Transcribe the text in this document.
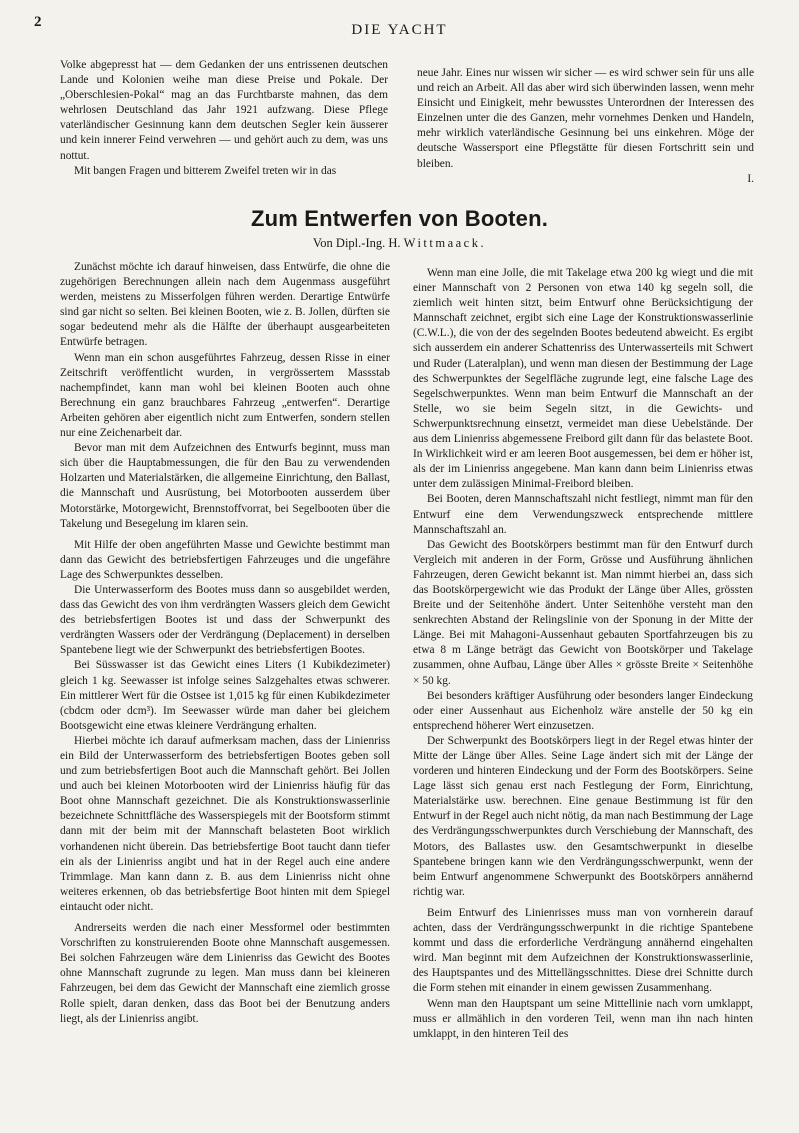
2	DIE YACHT

Volke abgepresst hat — dem Gedanken der uns entrissenen deutschen Lande und Kolonien weihe man diese Preise und Pokale. Der „Oberschlesien-Pokal“ mag an das Furchtbarste mahnen, das dem wehrlosen Deutschland das Jahr 1921 aufzwang. Diese Pflege vaterländischer Gesinnung kann dem deutschen Segler kein äusserer und kein innerer Feind verwehren — und gehört auch zu dem, was uns nottut.

Mit bangen Fragen und bitterem Zweifel treten wir in das

neue Jahr. Eines nur wissen wir sicher — es wird schwer sein für uns alle und reich an Arbeit. All das aber wird sich überwinden lassen, wenn mehr Einsicht und Einigkeit, mehr bewusstes Unterordnen der Interessen des Einzelnen unter die des Ganzen, mehr vornehmes Denken und Handeln, mehr wirklich vaterländische Gesinnung bei uns einkehren. Möge der deutsche Wassersport eine Pflegstätte für diesen Fortschritt sein und bleiben.

I.

Zum Entwerfen von Booten.
Von Dipl.-Ing. H. Wittmaack.

Zunächst möchte ich darauf hinweisen, dass Entwürfe, die ohne die zugehörigen Berechnungen allein nach dem Augenmass ausgeführt werden, meistens zu Misserfolgen führen werden. Derartige Entwürfe sind gar nicht so selten. Bei kleinen Booten, wie z. B. Jollen, dürften sie sogar bedeutend mehr als die Hälfte der überhaupt ausgearbeiteten Entwürfe betragen.

Wenn man ein schon ausgeführtes Fahrzeug, dessen Risse in einer Zeitschrift veröffentlicht wurden, in vergrössertem Massstab nachempfindet, kann man wohl bei kleinen Booten auch ohne Berechnung ein ganz brauchbares Fahrzeug „entwerfen“. Derartige Arbeiten gehören aber eigentlich nicht zum Entwerfen, sondern stellen nur eine Zeichenarbeit dar.

Bevor man mit dem Aufzeichnen des Entwurfs beginnt, muss man sich über die Hauptabmessungen, die für den Bau zu verwendenden Holzarten und Materialstärken, die allgemeine Einrichtung, den Ballast, die Mannschaft und Ausrüstung, bei Motorbooten ausserdem über Motorstärke, Motorgewicht, Brennstoffvorrat, bei Segelbooten über die Takelung und Besegelung im klaren sein.

Mit Hilfe der oben angeführten Masse und Gewichte bestimmt man dann das Gewicht des betriebsfertigen Fahrzeuges und die ungefähre Lage des Schwerpunktes desselben.

Die Unterwasserform des Bootes muss dann so ausgebildet werden, dass das Gewicht des von ihm verdrängten Wassers gleich dem Gewicht des betriebsfertigen Bootes ist und dass der Schwerpunkt des verdrängten Wassers oder der Verdrängung (Deplacement) in derselben Spantebene liegt wie der Schwerpunkt des betriebsfertigen Bootes.

Bei Süsswasser ist das Gewicht eines Liters (1 Kubikdezimeter) gleich 1 kg. Seewasser ist infolge seines Salzgehaltes etwas schwerer. Ein mittlerer Wert für die Ostsee ist 1,015 kg für einen Kubikdezimeter (cbdcm oder dcm³). Im Seewasser würde man daher bei gleichem Bootsgewicht eine etwas kleinere Verdrängung erhalten.

Hierbei möchte ich darauf aufmerksam machen, dass der Linienriss ein Bild der Unterwasserform des betriebsfertigen Bootes geben soll und zum betriebsfertigen Boot auch die Mannschaft gehört. Bei Jollen und auch bei kleinen Motorbooten wird der Linienriss häufig für das Boot ohne Mannschaft gezeichnet. Die als Konstruktionswasserlinie bezeichnete Schnittfläche des Wasserspiegels mit der Bootsform stimmt dann mit der beim mit der Mannschaft belasteten Boot wirklich vorhandenen nicht überein. Das betriebsfertige Boot taucht dann tiefer ein als der Linienriss angibt und hat in der Regel auch eine andere Trimmlage. Man kann dann z. B. aus dem Linienriss nicht ohne weiteres erkennen, ob das betriebsfertige Boot hinten mit dem Spiegel eintaucht oder nicht.

Andrerseits werden die nach einer Messformel oder bestimmten Vorschriften zu konstruierenden Boote ohne Mannschaft ausgemessen. Bei solchen Fahrzeugen wäre dem Linienriss das Gewicht des Bootes ohne Mannschaft zugrunde zu legen. Man muss dann bei kleineren Fahrzeugen, bei dem das Gewicht der Mannschaft eine ziemlich grosse Rolle spielt, daran denken, dass das Boot bei der Benutzung anders liegt, als der Linienriss angibt.

Wenn man eine Jolle, die mit Takelage etwa 200 kg wiegt und die mit einer Mannschaft von 2 Personen von etwa 140 kg segeln soll, die ziemlich weit hinten sitzt, beim Entwurf ohne Berücksichtigung der Mannschaft zeichnet, ergibt sich eine Lage der Konstruktionswasserlinie (C.W.L.), die von der des segelnden Bootes bedeutend abweicht. Es ergibt sich ausserdem ein anderer Schattenriss des Unterwasserteils mit Schwert und Ruder (Lateralplan), und wenn man diesen der Bestimmung der Lage des Schwerpunktes der Segelfläche zugrunde legt, eine falsche Lage des Segelschwerpunktes. Wenn man beim Entwurf die Mannschaft an der Stelle, wo sie beim Segeln sitzt, in die Gewichts- und Schwerpunktsrechnung einsetzt, vermeidet man diese Uebelstände. Der aus dem Linienriss abgemessene Freibord gilt dann für das belastete Boot. In Wirklichkeit wird er am leeren Boot ausgemessen, bei dem er höher ist, als der im Linienriss angegebene. Man kann dann beim Linienriss etwas unter dem zulässigen Minimal-Freibord bleiben.

Bei Booten, deren Mannschaftszahl nicht festliegt, nimmt man für den Entwurf eine dem Verwendungszweck entsprechende mittlere Mannschaftszahl an.

Das Gewicht des Bootskörpers bestimmt man für den Entwurf durch Vergleich mit anderen in der Form, Grösse und Ausführung ähnlichen Fahrzeugen, deren Gewicht bekannt ist. Man nimmt hierbei an, dass sich das Bootskörpergewicht wie das Produkt der Länge über Alles, grössten Breite und der Seitenhöhe ändert. Unter Seitenhöhe versteht man den senkrechten Abstand der Relingslinie von der Sponung in der Mitte der Länge. Bei mit Mahagoni-Aussenhaut gebauten Sportfahrzeugen bis zu etwa 8 m Länge beträgt das Gewicht von Bootskörper und Takelage zusammen, ohne Aufbau, Länge über Alles × grösste Breite × Seitenhöhe × 50 kg.

Bei besonders kräftiger Ausführung oder besonders langer Eindeckung oder einer Aussenhaut aus Eichenholz wäre anstelle der 50 kg ein entsprechend höherer Wert einzusetzen.

Der Schwerpunkt des Bootskörpers liegt in der Regel etwas hinter der Mitte der Länge über Alles. Seine Lage ändert sich mit der Länge der vorderen und hinteren Eindeckung und der Form des Bootskörpers. Seine Lage lässt sich genau erst nach Festlegung der Form, Einrichtung, Materialstärke usw. berechnen. Eine genaue Bestimmung ist für den Entwurf in der Regel auch nicht nötig, da man nach Bestimmung der Lage des Verdrängungsschwerpunktes durch Verschiebung der Mannschaft, des Motors, des Ballastes usw. den Gesamtschwerpunkt in dieselbe Spantebene bringen kann wie den Verdrängungsschwerpunkt, wenn der beim Entwurf angenommene Schwerpunkt des Bootskörpers annähernd richtig war.

Beim Entwurf des Linienrisses muss man von vornherein darauf achten, dass der Verdrängungsschwerpunkt in die richtige Spantebene kommt und dass die erforderliche Verdrängung annähernd eingehalten wird. Man beginnt mit dem Aufzeichnen der Konstruktionswasserlinie, des Hauptspantes und des Mittellängsschnittes. Diese drei Schnitte durch die Form stehen mit einander in einem gewissen Zusammenhang.

Wenn man den Hauptspant um seine Mittellinie nach vorn umklappt, muss er allmählich in den vorderen Teil, wenn man ihn nach hinten umklappt, in den hinteren Teil des
